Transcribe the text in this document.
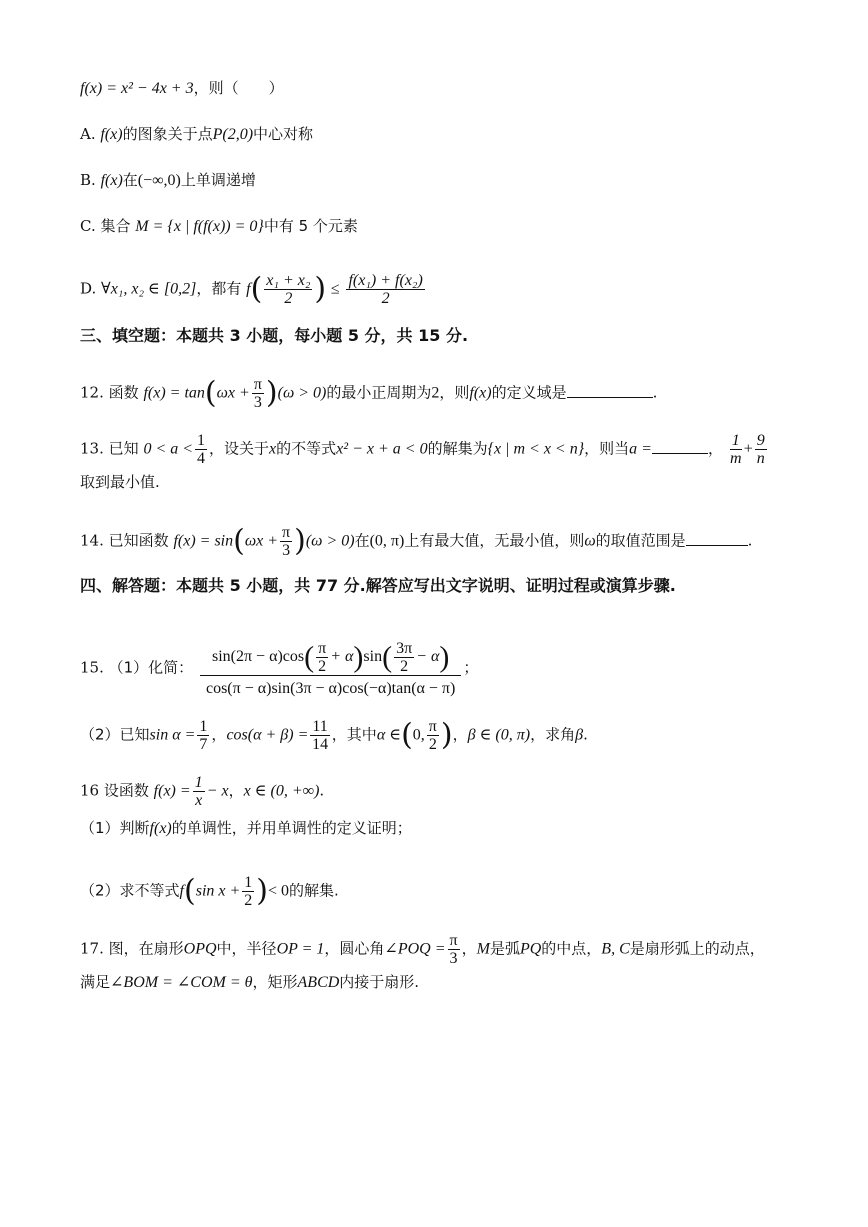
f(x) = x² − 4x + 3，则（　　）
A. f(x)的图象关于点P(2,0)中心对称
B. f(x)在(−∞,0)上单调递增
C. 集合 M = {x | f(f(x)) = 0}中有 5 个元素
D. ∀x₁, x₂ ∈ [0,2]，都有 $f( \frac{\text{x₁ + x₂}}{2}$ ) ≤ $\frac{\text{f(x₁) + f(x₂)}}{2}$
三、填空题：本题共 3 小题，每小题 5 分，共 15 分.
12. 函数 $f(x) = \tan(\omega x + \frac{\pi}{3} )(\omega > 0)$的最小正周期为2，则f(x)的定义域是	.
13. 已知 $0 < a < \frac{1}{4}$ ，设关于x的不等式x² − x + a < 0的解集为{x | m < x < n}，则当a =	， $\frac{1}{m} + \frac{9}{n}$
取到最小值.
14. 已知函数 $f(x) = \sin(\omega x + \frac{\pi}{3} )(\omega > 0)$在(0, π)上有最大值，无最小值，则ω的取值范围是	.
四、解答题：本题共 5 小题，共 77 分.解答应写出文字说明、证明过程或演算步骤.
15. （1）化简： $\frac{\sin(2\pi - \alpha)\cos( \frac{\pi}{2} + \alpha)\sin( \frac{3\pi}{2} - \alpha)}{\cos(\pi - \alpha)\sin(3\pi - \alpha)\cos(-\alpha)\tan(\alpha - \pi)}$ ；
（2）已知$\sin \alpha = \frac{1}{7}$ ，$\cos(\alpha + \beta) = \frac{11}{14}$ ，其中α ∈(0, $\frac{\pi}{2}$ )，β ∈ (0, π)，求角β.
16 设函数 $f(x) = \frac{1}{x} - x$，x ∈ (0, +∞).
（1）判断f(x)的单调性，并用单调性的定义证明；
（2）求不等式f(sin $x + \frac{1}{2}$ )< 0的解集.
17. 图，在扇形OPQ中，半径OP = 1，圆心角∠POQ = $\frac{\pi}{3}$ ，M是弧PQ的中点，B, C是扇形弧上的动点，
满足∠BOM = ∠COM = θ，矩形ABCD内接于扇形.
